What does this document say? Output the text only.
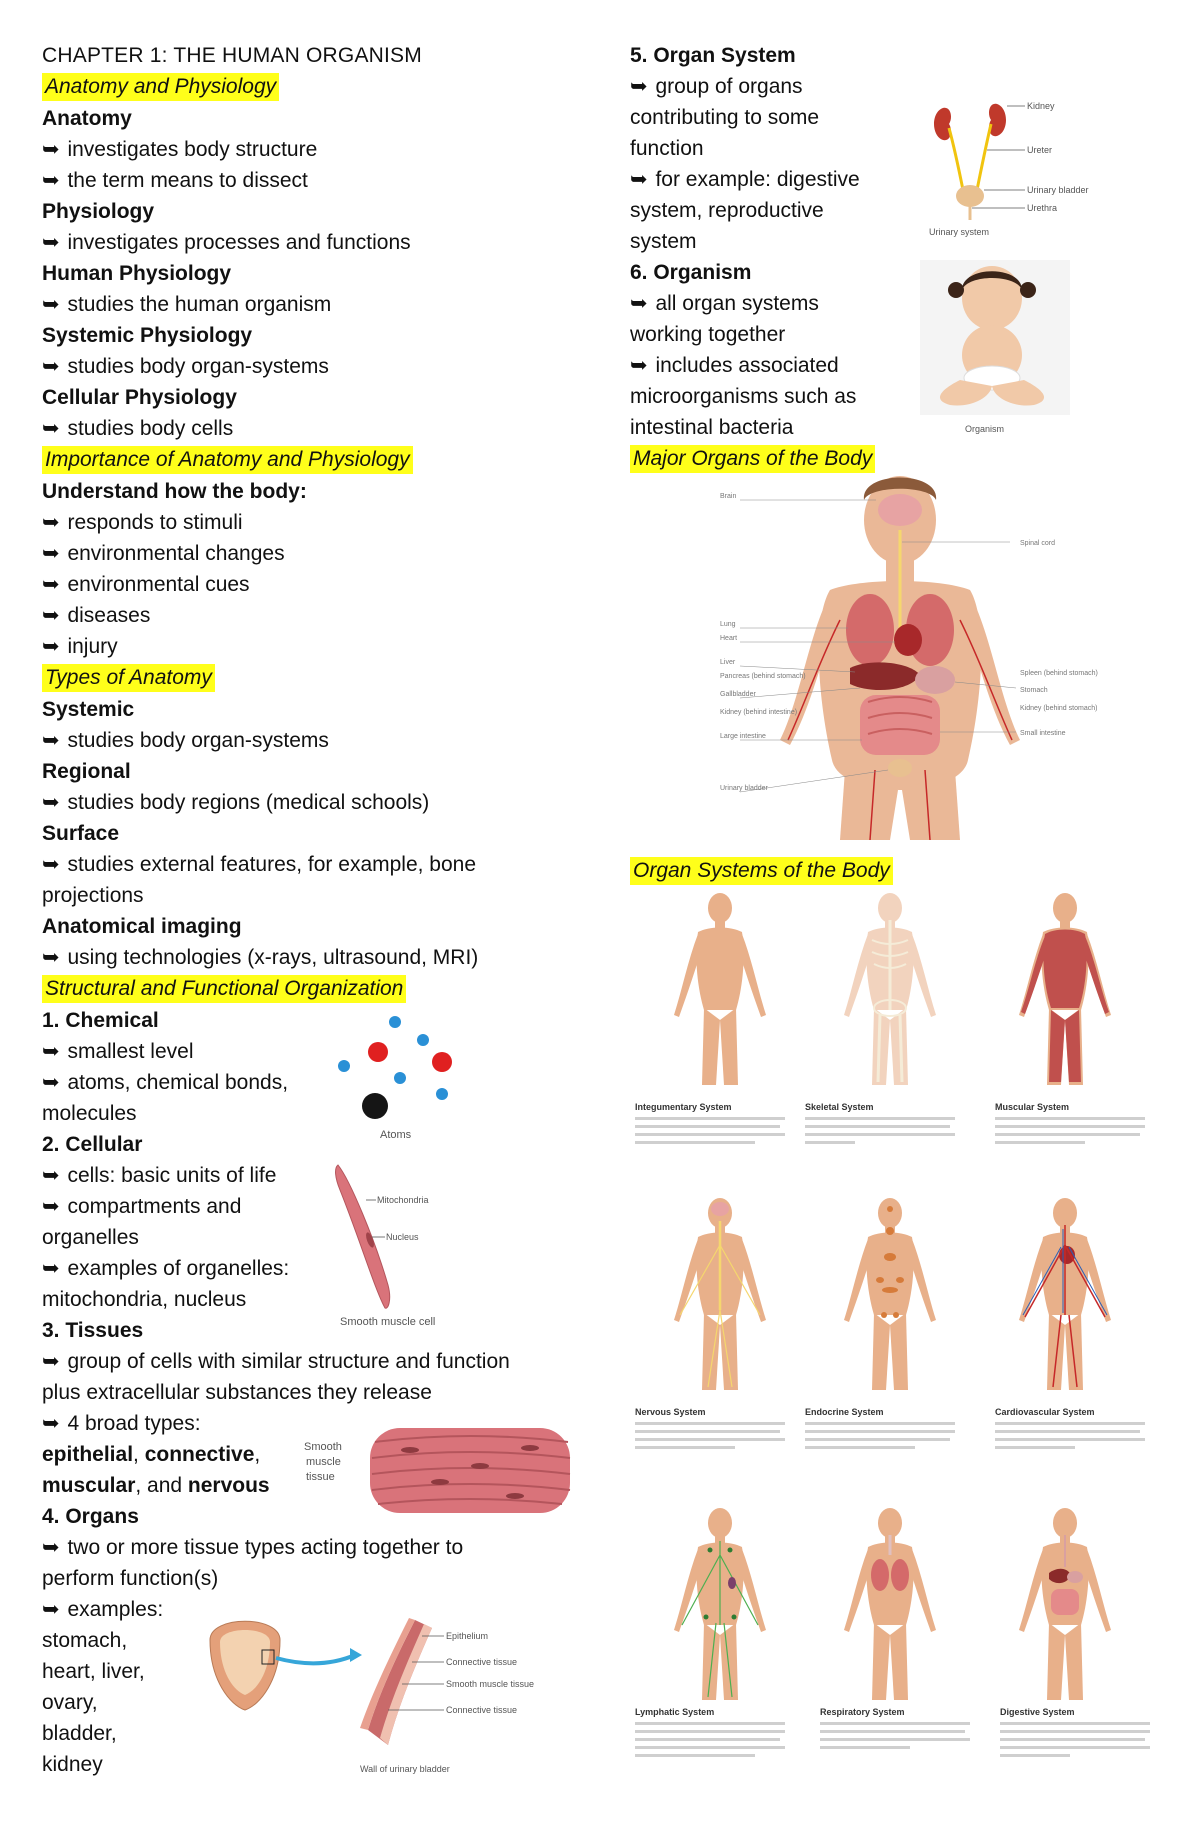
CHAPTER 1: THE HUMAN ORGANISM
Anatomy and Physiology
Anatomy
➥ investigates body structure
➥ the term means to dissect
Physiology
➥ investigates processes and functions
Human Physiology
➥ studies the human organism
Systemic Physiology
➥ studies body organ-systems
Cellular Physiology
➥ studies body cells
Importance of Anatomy and Physiology
Understand how the body:
➥ responds to stimuli
➥ environmental changes
➥ environmental cues
➥ diseases
➥ injury
Types of Anatomy
Systemic
➥ studies body organ-systems
Regional
➥ studies body regions (medical schools)
Surface
➥ studies external features, for example, bone projections
Anatomical imaging
➥ using technologies (x-rays, ultrasound, MRI)
Structural and Functional Organization
1. Chemical
➥ smallest level
➥ atoms, chemical bonds,
molecules
2. Cellular
➥ cells: basic units of life
➥ compartments and
organelles
➥ examples of organelles:
mitochondria, nucleus
3. Tissues
➥ group of cells with similar structure and function
plus extracellular substances they release
➥ 4 broad types:
epithelial, connective,
muscular, and nervous
4. Organs
➥ two or more tissue types acting together to
perform function(s)
➥ examples:
stomach,
heart, liver,
ovary,
bladder,
kidney
Atoms
Mitochondria
Nucleus
Smooth muscle cell
Smooth
muscle
tissue
Epithelium
Connective tissue
Smooth muscle tissue
Connective tissue
Wall of urinary bladder
5. Organ System
➥ group of organs
contributing to some
function
➥ for example: digestive
system, reproductive
system
6. Organism
➥ all organ systems
working together
➥ includes associated
microorganisms such as
intestinal bacteria
Major Organs of the Body
Organ Systems of the Body
Kidney
Ureter
Urinary bladder
Urethra
Urinary system
Organism
Brain
Spinal cord
Lung
Heart
Liver
Pancreas (behind stomach)
Gallbladder
Kidney (behind intestine)
Large intestine
Urinary bladder
Spleen (behind stomach)
Stomach
Kidney (behind stomach)
Small intestine
Integumentary System	Skeletal System	Muscular System
Nervous System	Endocrine System	Cardiovascular System
Lymphatic System	Respiratory System	Digestive System
